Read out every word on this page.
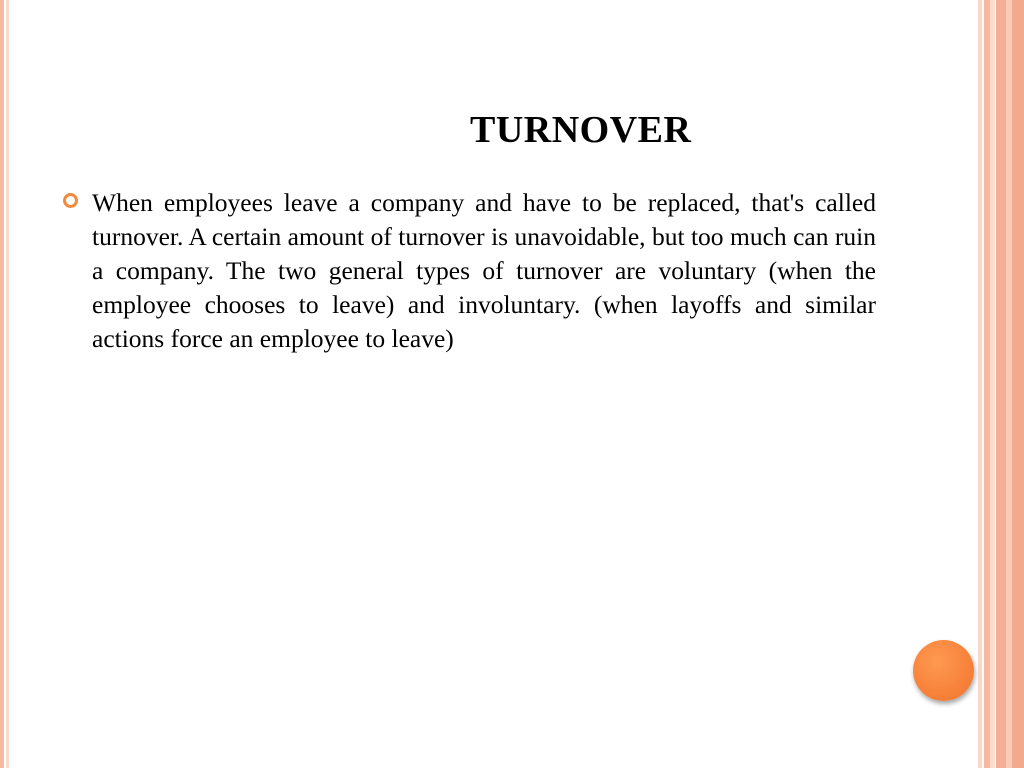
TURNOVER

When employees leave a company and have to be replaced, that's called turnover. A certain amount of turnover is unavoidable, but too much can ruin a company. The two general types of turnover are voluntary (when the employee chooses to leave) and involuntary. (when layoffs and similar actions force an employee to leave)
